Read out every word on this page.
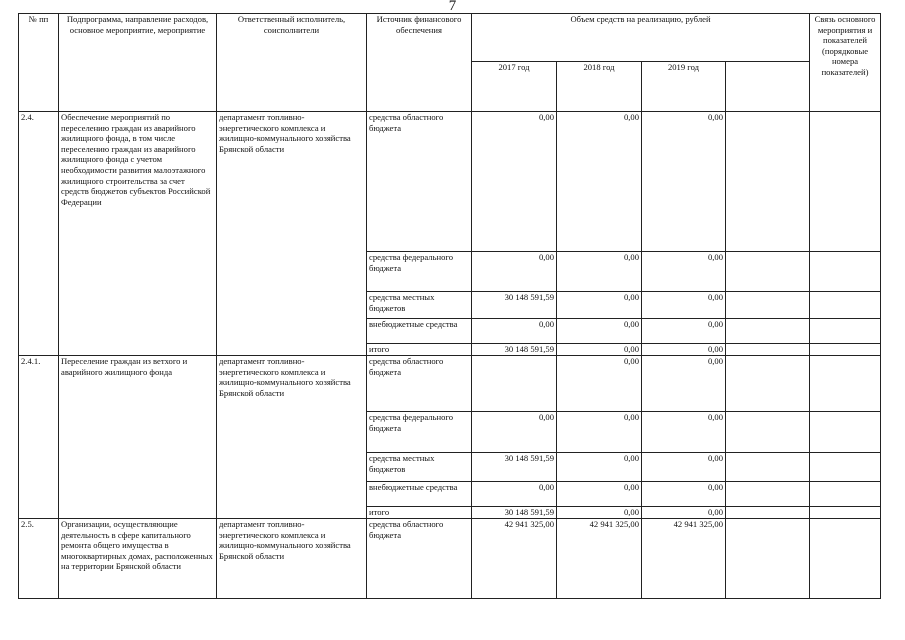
7
№ пп	Подпрограмма, направление расходов, основное мероприятие, мероприятие	Ответственный исполнитель, соисполнители	Источник финансового обеспечения	Объем средств на реализацию, рублей				Связь основного мероприятия и показателей (порядковые номера показателей)
				2017 год	2018 год	2019 год		
2.4.	Обеспечение мероприятий по переселению граждан из аварийного жилищного фонда, в том числе переселению граждан из аварийного жилищного фонда с учетом необходимости развития малоэтажного жилищного строительства за счет средств бюджетов субъектов Российской Федерации	департамент топливно-энергетического комплекса и жилищно-коммунального хозяйства Брянской области	средства областного бюджета	0,00	0,00	0,00		
			средства федерального бюджета	0,00	0,00	0,00		
			средства местных бюджетов	30 148 591,59	0,00	0,00		
			внебюджетные средства	0,00	0,00	0,00		
			итого	30 148 591,59	0,00	0,00		
2.4.1.	Переселение граждан из ветхого и аварийного жилищного фонда	департамент топливно-энергетического комплекса и жилищно-коммунального хозяйства Брянской области	средства областного бюджета		0,00	0,00		
			средства федерального бюджета	0,00	0,00	0,00		
			средства местных бюджетов	30 148 591,59	0,00	0,00		
			внебюджетные средства	0,00	0,00	0,00		
			итого	30 148 591,59	0,00	0,00		
2.5.	Организации, осуществляющие деятельность в сфере капитального ремонта общего имущества в многоквартирных домах, расположенных на территории Брянской области	департамент топливно-энергетического комплекса и жилищно-коммунального хозяйства Брянской области	средства областного бюджета	42 941 325,00	42 941 325,00	42 941 325,00		
